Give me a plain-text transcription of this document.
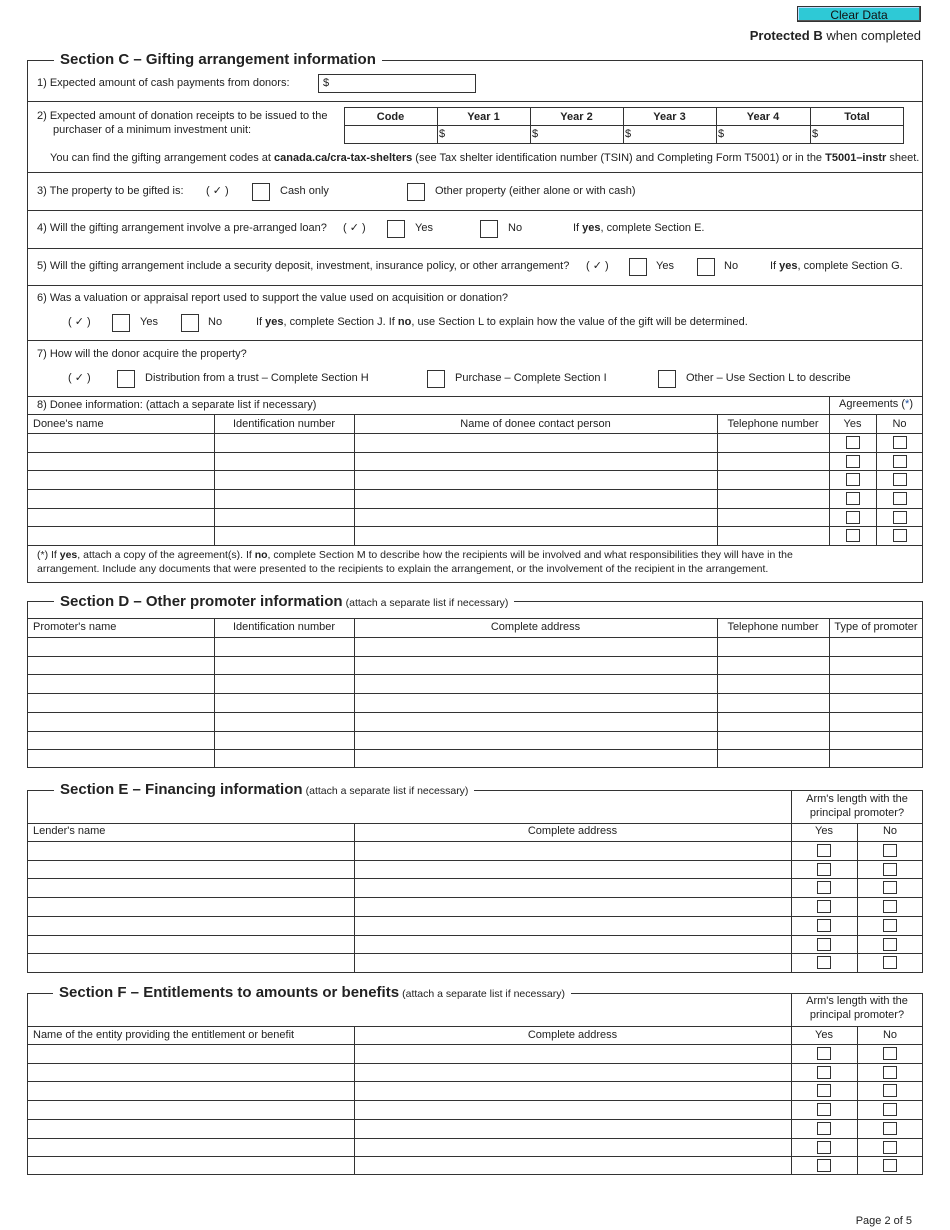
Clear Data
Protected B when completed
Section C – Gifting arrangement information
1) Expected amount of cash payments from donors:	$
2) Expected amount of donation receipts to be issued to the
purchaser of a minimum investment unit:
Code	Year 1	Year 2	Year 3	Year 4	Total
$	$	$	$	$
You can find the gifting arrangement codes at canada.ca/cra-tax-shelters (see Tax shelter identification number (TSIN) and Completing Form T5001) or in the T5001–instr sheet.
3) The property to be gifted is: ( ✓ )	Cash only	Other property (either alone or with cash)
4) Will the gifting arrangement involve a pre-arranged loan? ( ✓ )	Yes	No	If yes, complete Section E.
5) Will the gifting arrangement include a security deposit, investment, insurance policy, or other arrangement? ( ✓ )	Yes	No	If yes, complete Section G.
6) Was a valuation or appraisal report used to support the value used on acquisition or donation?
( ✓ )	Yes	No	If yes, complete Section J. If no, use Section L to explain how the value of the gift will be determined.
7) How will the donor acquire the property?
( ✓ )	Distribution from a trust – Complete Section H	Purchase – Complete Section I	Other – Use Section L to describe
8) Donee information: (attach a separate list if necessary)	Agreements (*)
Donee's name	Identification number	Name of donee contact person	Telephone number	Yes	No
(*) If yes, attach a copy of the agreement(s). If no, complete Section M to describe how the recipients will be involved and what responsibilities they will have in the
arrangement. Include any documents that were presented to the recipients to explain the arrangement, or the involvement of the recipient in the arrangement.
Section D – Other promoter information (attach a separate list if necessary)
Promoter's name	Identification number	Complete address	Telephone number	Type of promoter
Section E – Financing information (attach a separate list if necessary)
Arm's length with the
principal promoter?
Lender's name	Complete address	Yes	No
Section F – Entitlements to amounts or benefits (attach a separate list if necessary)
Arm's length with the
principal promoter?
Name of the entity providing the entitlement or benefit	Complete address	Yes	No
Page 2 of 5
